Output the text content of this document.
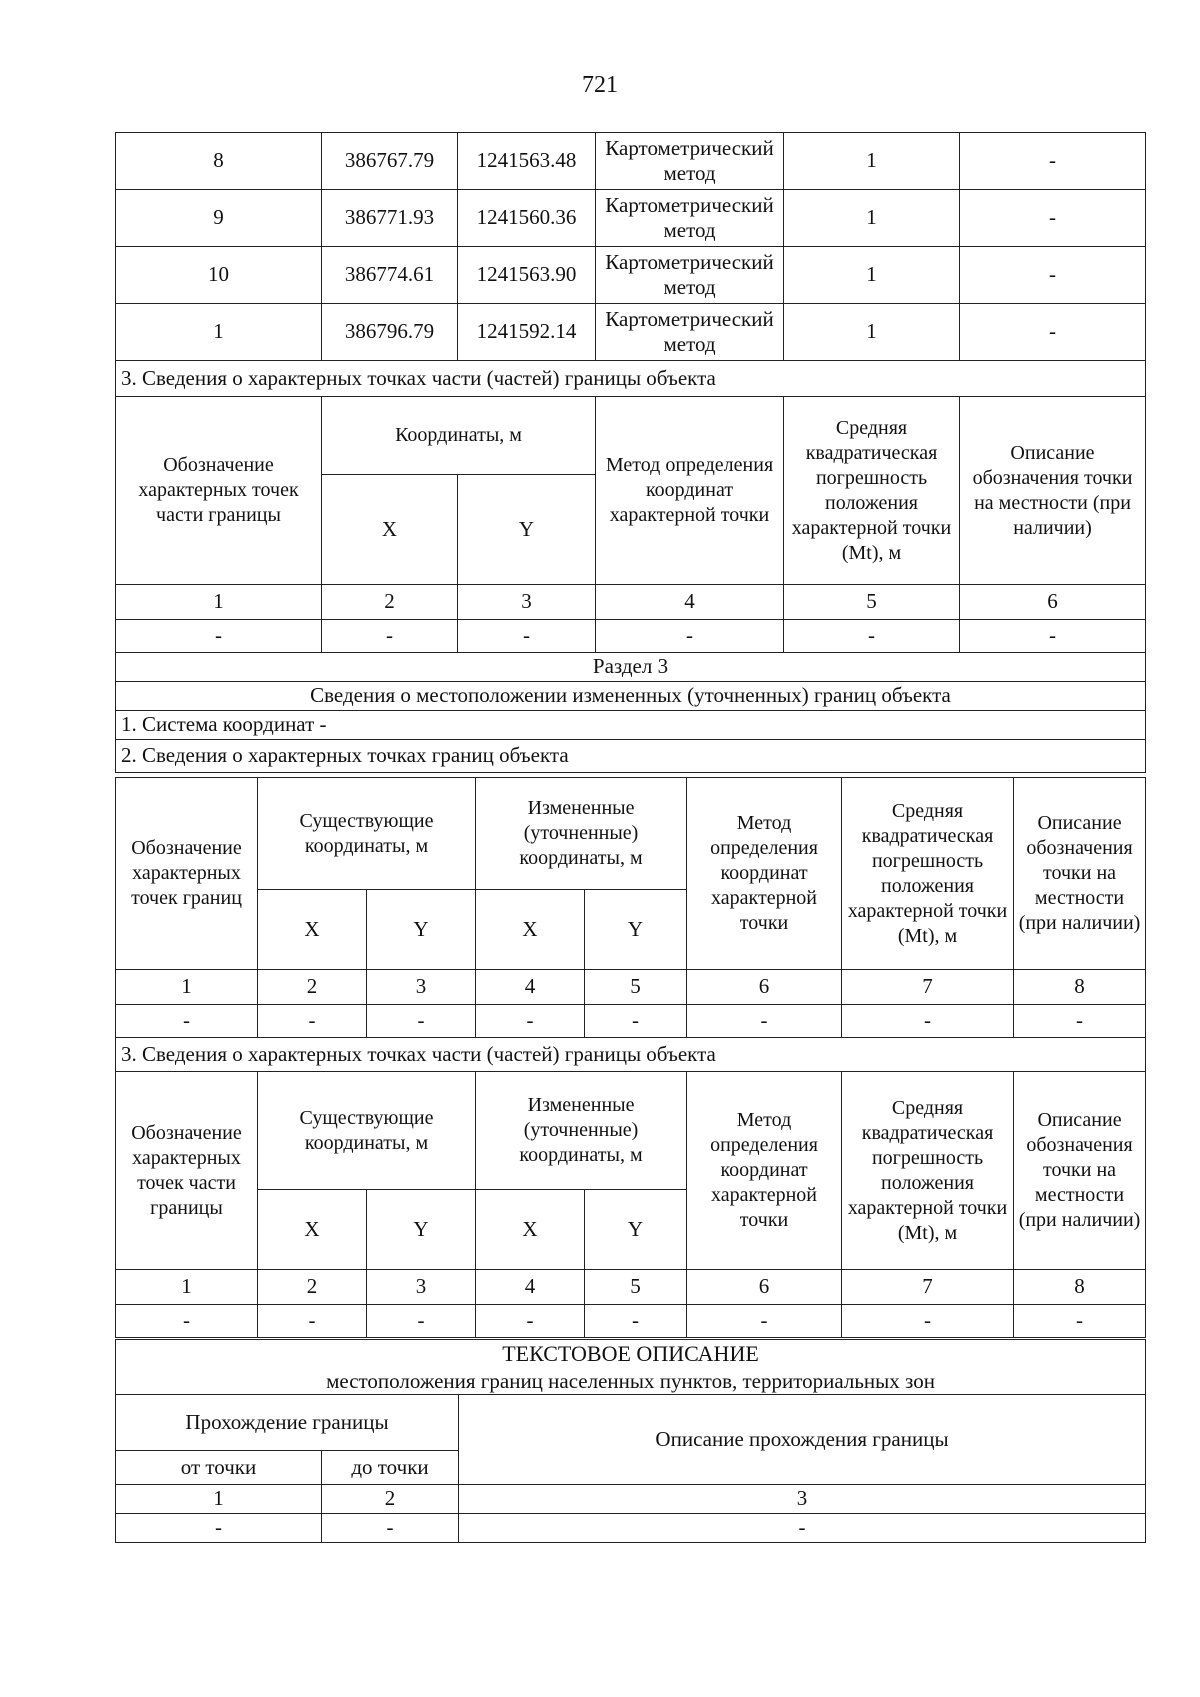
721
8	386767.79	1241563.48	Картометрический метод	1	-
9	386771.93	1241560.36	Картометрический метод	1	-
10	386774.61	1241563.90	Картометрический метод	1	-
1	386796.79	1241592.14	Картометрический метод	1	-
3. Сведения о характерных точках части (частей) границы объекта					
Обозначение характерных точек части границы	Координаты, м		Метод определения координат характерной точки	Средняя квадратическая погрешность положения характерной точки (Mt), м	Описание обозначения точки на местности (при наличии)
	X	Y			
1	2	3	4	5	6
-	-	-	-	-	-
Раздел 3					
Сведения о местоположении измененных (уточненных) границ объекта					
1. Система координат -					
2. Сведения о характерных точках границ объекта					
Обозначение характерных точек границ	Существующие координаты, м		Измененные (уточненные) координаты, м		Метод определения координат характерной точки	Средняя квадратическая погрешность положения характерной точки (Mt), м	Описание обозначения точки на местности (при наличии)
	X	Y	X	Y			
1	2	3	4	5	6	7	8
-	-	-	-	-	-	-	-
3. Сведения о характерных точках части (частей) границы объекта							
Обозначение характерных точек части границы	Существующие координаты, м		Измененные (уточненные) координаты, м		Метод определения координат характерной точки	Средняя квадратическая погрешность положения характерной точки (Mt), м	Описание обозначения точки на местности (при наличии)
	X	Y	X	Y			
1	2	3	4	5	6	7	8
-	-	-	-	-	-	-	-
ТЕКСТОВОЕ ОПИСАНИЕ		
местоположения границ населенных пунктов, территориальных зон		
Прохождение границы		Описание прохождения границы
от точки	до точки	
1	2	3
-	-	-
